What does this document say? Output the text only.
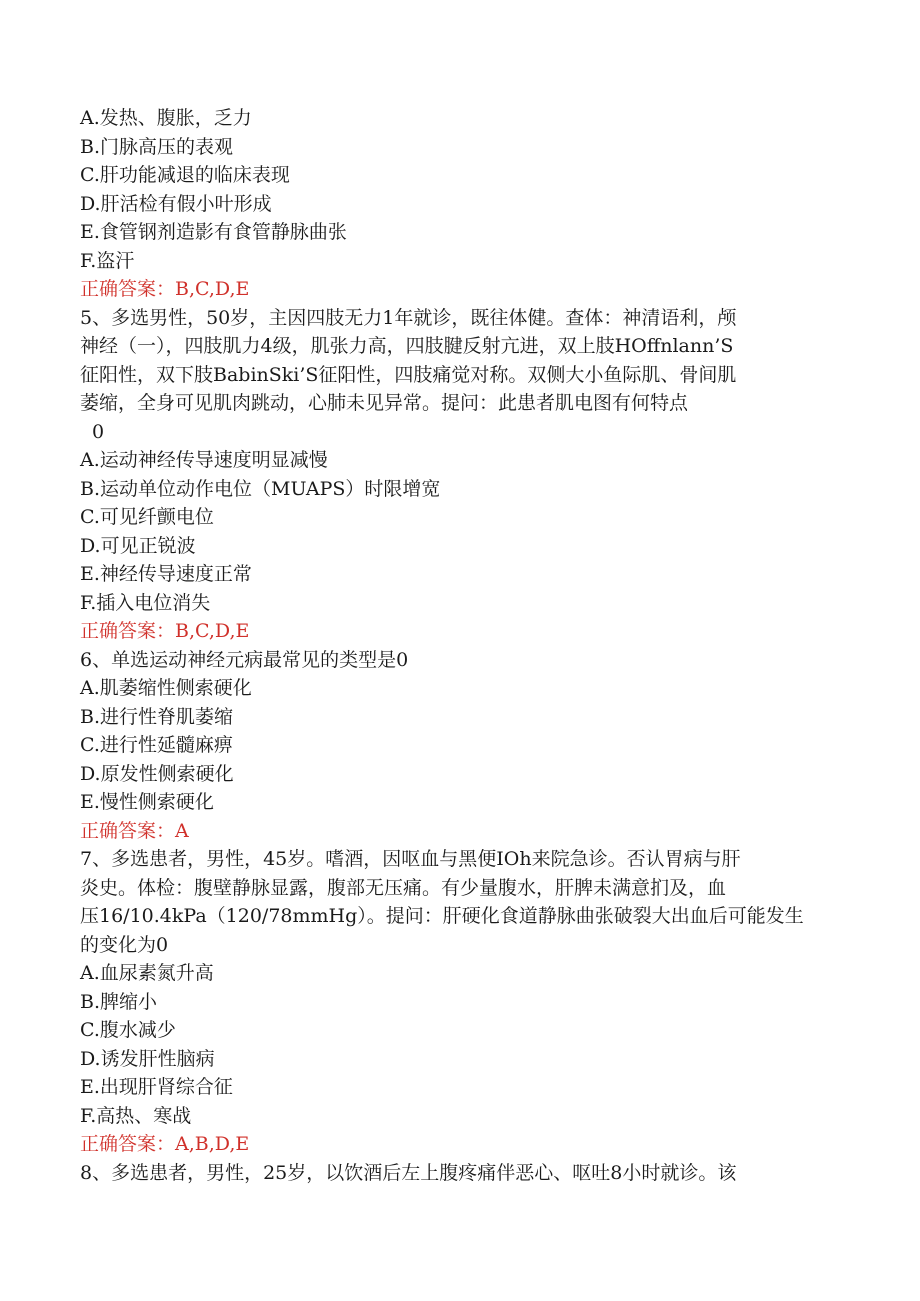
A.发热、腹胀，乏力
B.门脉高压的表观
C.肝功能减退的临床表现
D.肝活检有假小叶形成
E.食管钢剂造影有食管静脉曲张
F.盗汗
正确答案：B,C,D,E
5、多选男性，50岁，主因四肢无力1年就诊，既往体健。查体：神清语利，颅
神经（一），四肢肌力4级，肌张力高，四肢腱反射亢进，双上肢HOffnlann’S
征阳性，双下肢BabinSki’S征阳性，四肢痛觉对称。双侧大小鱼际肌、骨间肌
萎缩，全身可见肌肉跳动，心肺未见异常。提问：此患者肌电图有何特点
0
A.运动神经传导速度明显减慢
B.运动单位动作电位（MUAPS）时限增宽
C.可见纤颤电位
D.可见正锐波
E.神经传导速度正常
F.插入电位消失
正确答案：B,C,D,E
6、单选运动神经元病最常见的类型是0
A.肌萎缩性侧索硬化
B.进行性脊肌萎缩
C.进行性延髓麻痹
D.原发性侧索硬化
E.慢性侧索硬化
正确答案：A
7、多选患者，男性，45岁。嗜酒，因呕血与黑便IOh来院急诊。否认胃病与肝
炎史。体检：腹壁静脉显露，腹部无压痛。有少量腹水，肝脾未满意扪及，血
压16/10.4kPa（120/78mmHg）。提问：肝硬化食道静脉曲张破裂大出血后可能发生
的变化为0
A.血尿素氮升高
B.脾缩小
C.腹水减少
D.诱发肝性脑病
E.出现肝肾综合征
F.高热、寒战
正确答案：A,B,D,E
8、多选患者，男性，25岁，以饮酒后左上腹疼痛伴恶心、呕吐8小时就诊。该
